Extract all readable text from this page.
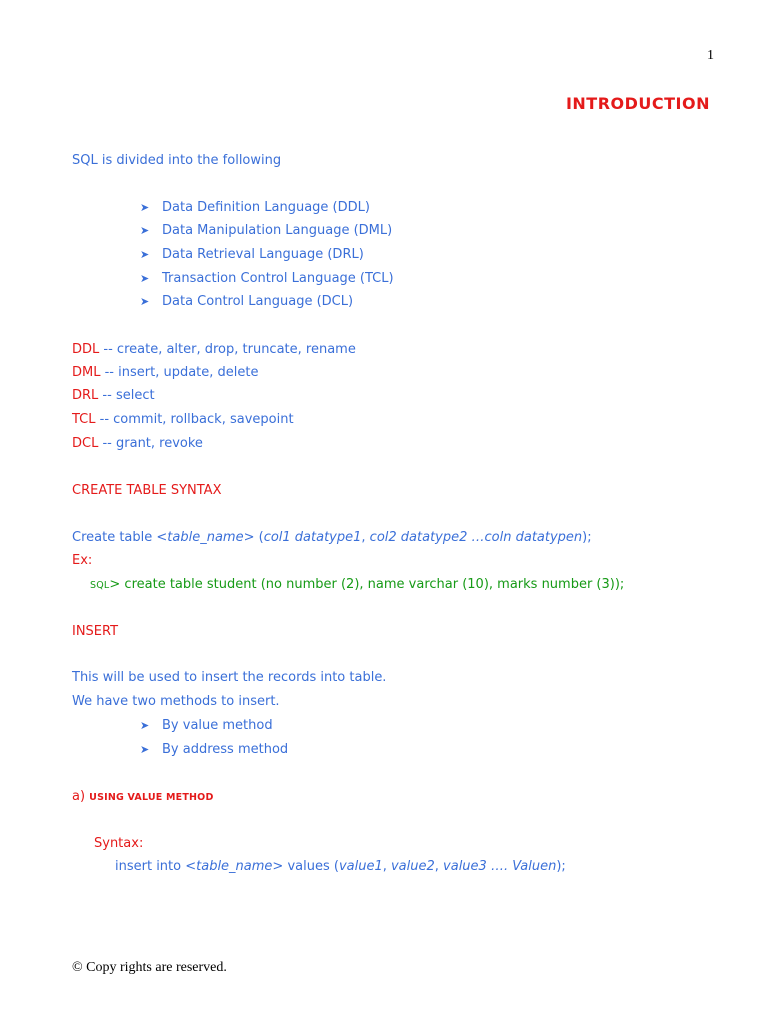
1
INTRODUCTION
SQL is divided into the following
➤ Data Definition Language (DDL)
➤ Data Manipulation Language (DML)
➤ Data Retrieval Language (DRL)
➤ Transaction Control Language (TCL)
➤ Data Control Language (DCL)
DDL -- create, alter, drop, truncate, rename
DML -- insert, update, delete
DRL -- select
TCL -- commit, rollback, savepoint
DCL -- grant, revoke
CREATE TABLE SYNTAX
Create table <table_name> (col1 datatype1, col2 datatype2 …coln datatypen);
Ex:
SQL> create table student (no number (2), name varchar (10), marks number (3));
INSERT
This will be used to insert the records into table.
We have two methods to insert.
➤ By value method
➤ By address method
a) USING VALUE METHOD
Syntax:
insert into <table_name> values (value1, value2, value3 …. Valuen);
© Copy rights are reserved.
